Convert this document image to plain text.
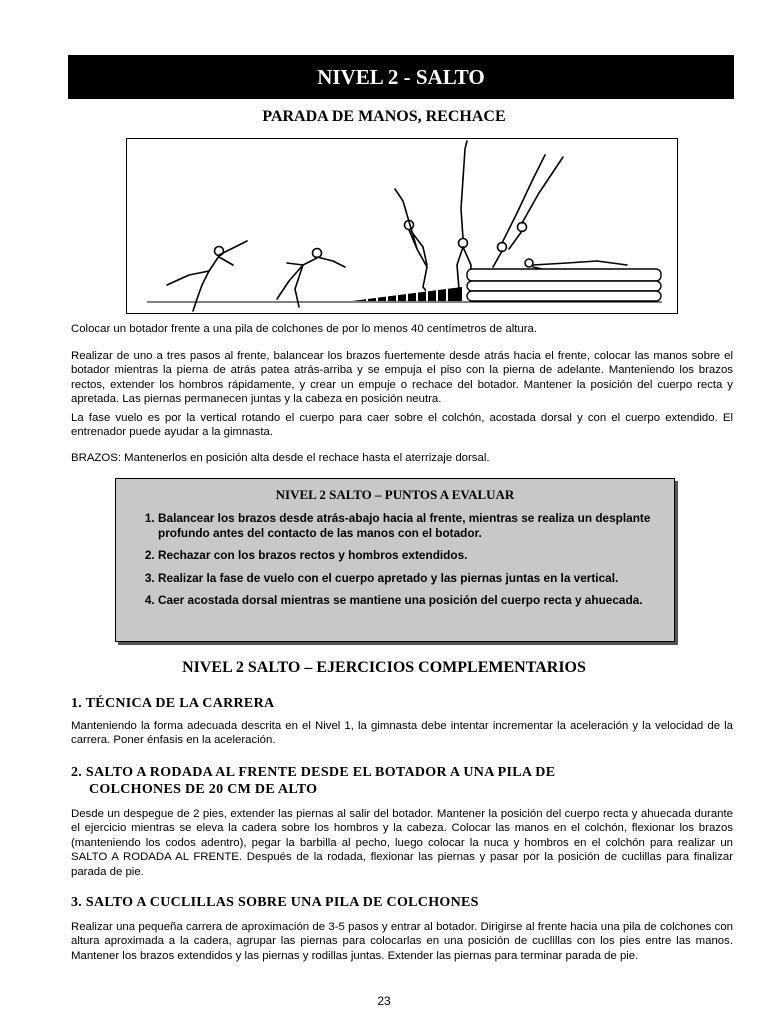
NIVEL 2 - SALTO
PARADA DE MANOS, RECHACE

Colocar un botador frente a una pila de colchones de por lo menos 40 centímetros de altura.

Realizar de uno a tres pasos al frente, balancear los brazos fuertemente desde atrás hacia el frente, colocar las manos sobre el botador mientras la pierna de atrás patea atrás-arriba y se empuja el piso con la pierna de adelante. Manteniendo los brazos rectos, extender los hombros rápidamente, y crear un empuje o rechace del botador. Mantener la posición del cuerpo recta y apretada. Las piernas permanecen juntas y la cabeza en posición neutra.

La fase vuelo es por la vertical rotando el cuerpo para caer sobre el colchón, acostada dorsal y con el cuerpo extendido. El entrenador puede ayudar a la gimnasta.

BRAZOS: Mantenerlos en posición alta desde el rechace hasta el aterrizaje dorsal.

NIVEL 2 SALTO – PUNTOS A EVALUAR
1. Balancear los brazos desde atrás-abajo hacia al frente, mientras se realiza un desplante profundo antes del contacto de las manos con el botador.
2. Rechazar con los brazos rectos y hombros extendidos.
3. Realizar la fase de vuelo con el cuerpo apretado y las piernas juntas en la vertical.
4. Caer acostada dorsal mientras se mantiene una posición del cuerpo recta y ahuecada.
NIVEL 2 SALTO – EJERCICIOS COMPLEMENTARIOS
1. TÉCNICA DE LA CARRERA

Manteniendo la forma adecuada descrita en el Nivel 1, la gimnasta debe intentar incrementar la aceleración y la velocidad de la carrera. Poner énfasis en la aceleración.

2. SALTO A RODADA AL FRENTE DESDE EL BOTADOR A UNA PILA DE
COLCHONES DE 20 CM DE ALTO

Desde un despegue de 2 pies, extender las piernas al salir del botador. Mantener la posición del cuerpo recta y ahuecada durante el ejercicio mientras se eleva la cadera sobre los hombros y la cabeza. Colocar las manos en el colchón, flexionar los brazos (manteniendo los codos adentro), pegar la barbilla al pecho, luego colocar la nuca y hombros en el colchón para realizar un SALTO A RODADA AL FRENTE. Después de la rodada, flexionar las piernas y pasar por la posición de cuclillas para finalizar parada de pie.

3. SALTO A CUCLILLAS SOBRE UNA PILA DE COLCHONES

Realizar una pequeña carrera de aproximación de 3-5 pasos y entrar al botador. Dirigirse al frente hacia una pila de colchones con altura aproximada a la cadera, agrupar las piernas para colocarlas en una posición de cuclillas con los pies entre las manos. Mantener los brazos extendidos y las piernas y rodillas juntas. Extender las piernas para terminar parada de pie.

23
